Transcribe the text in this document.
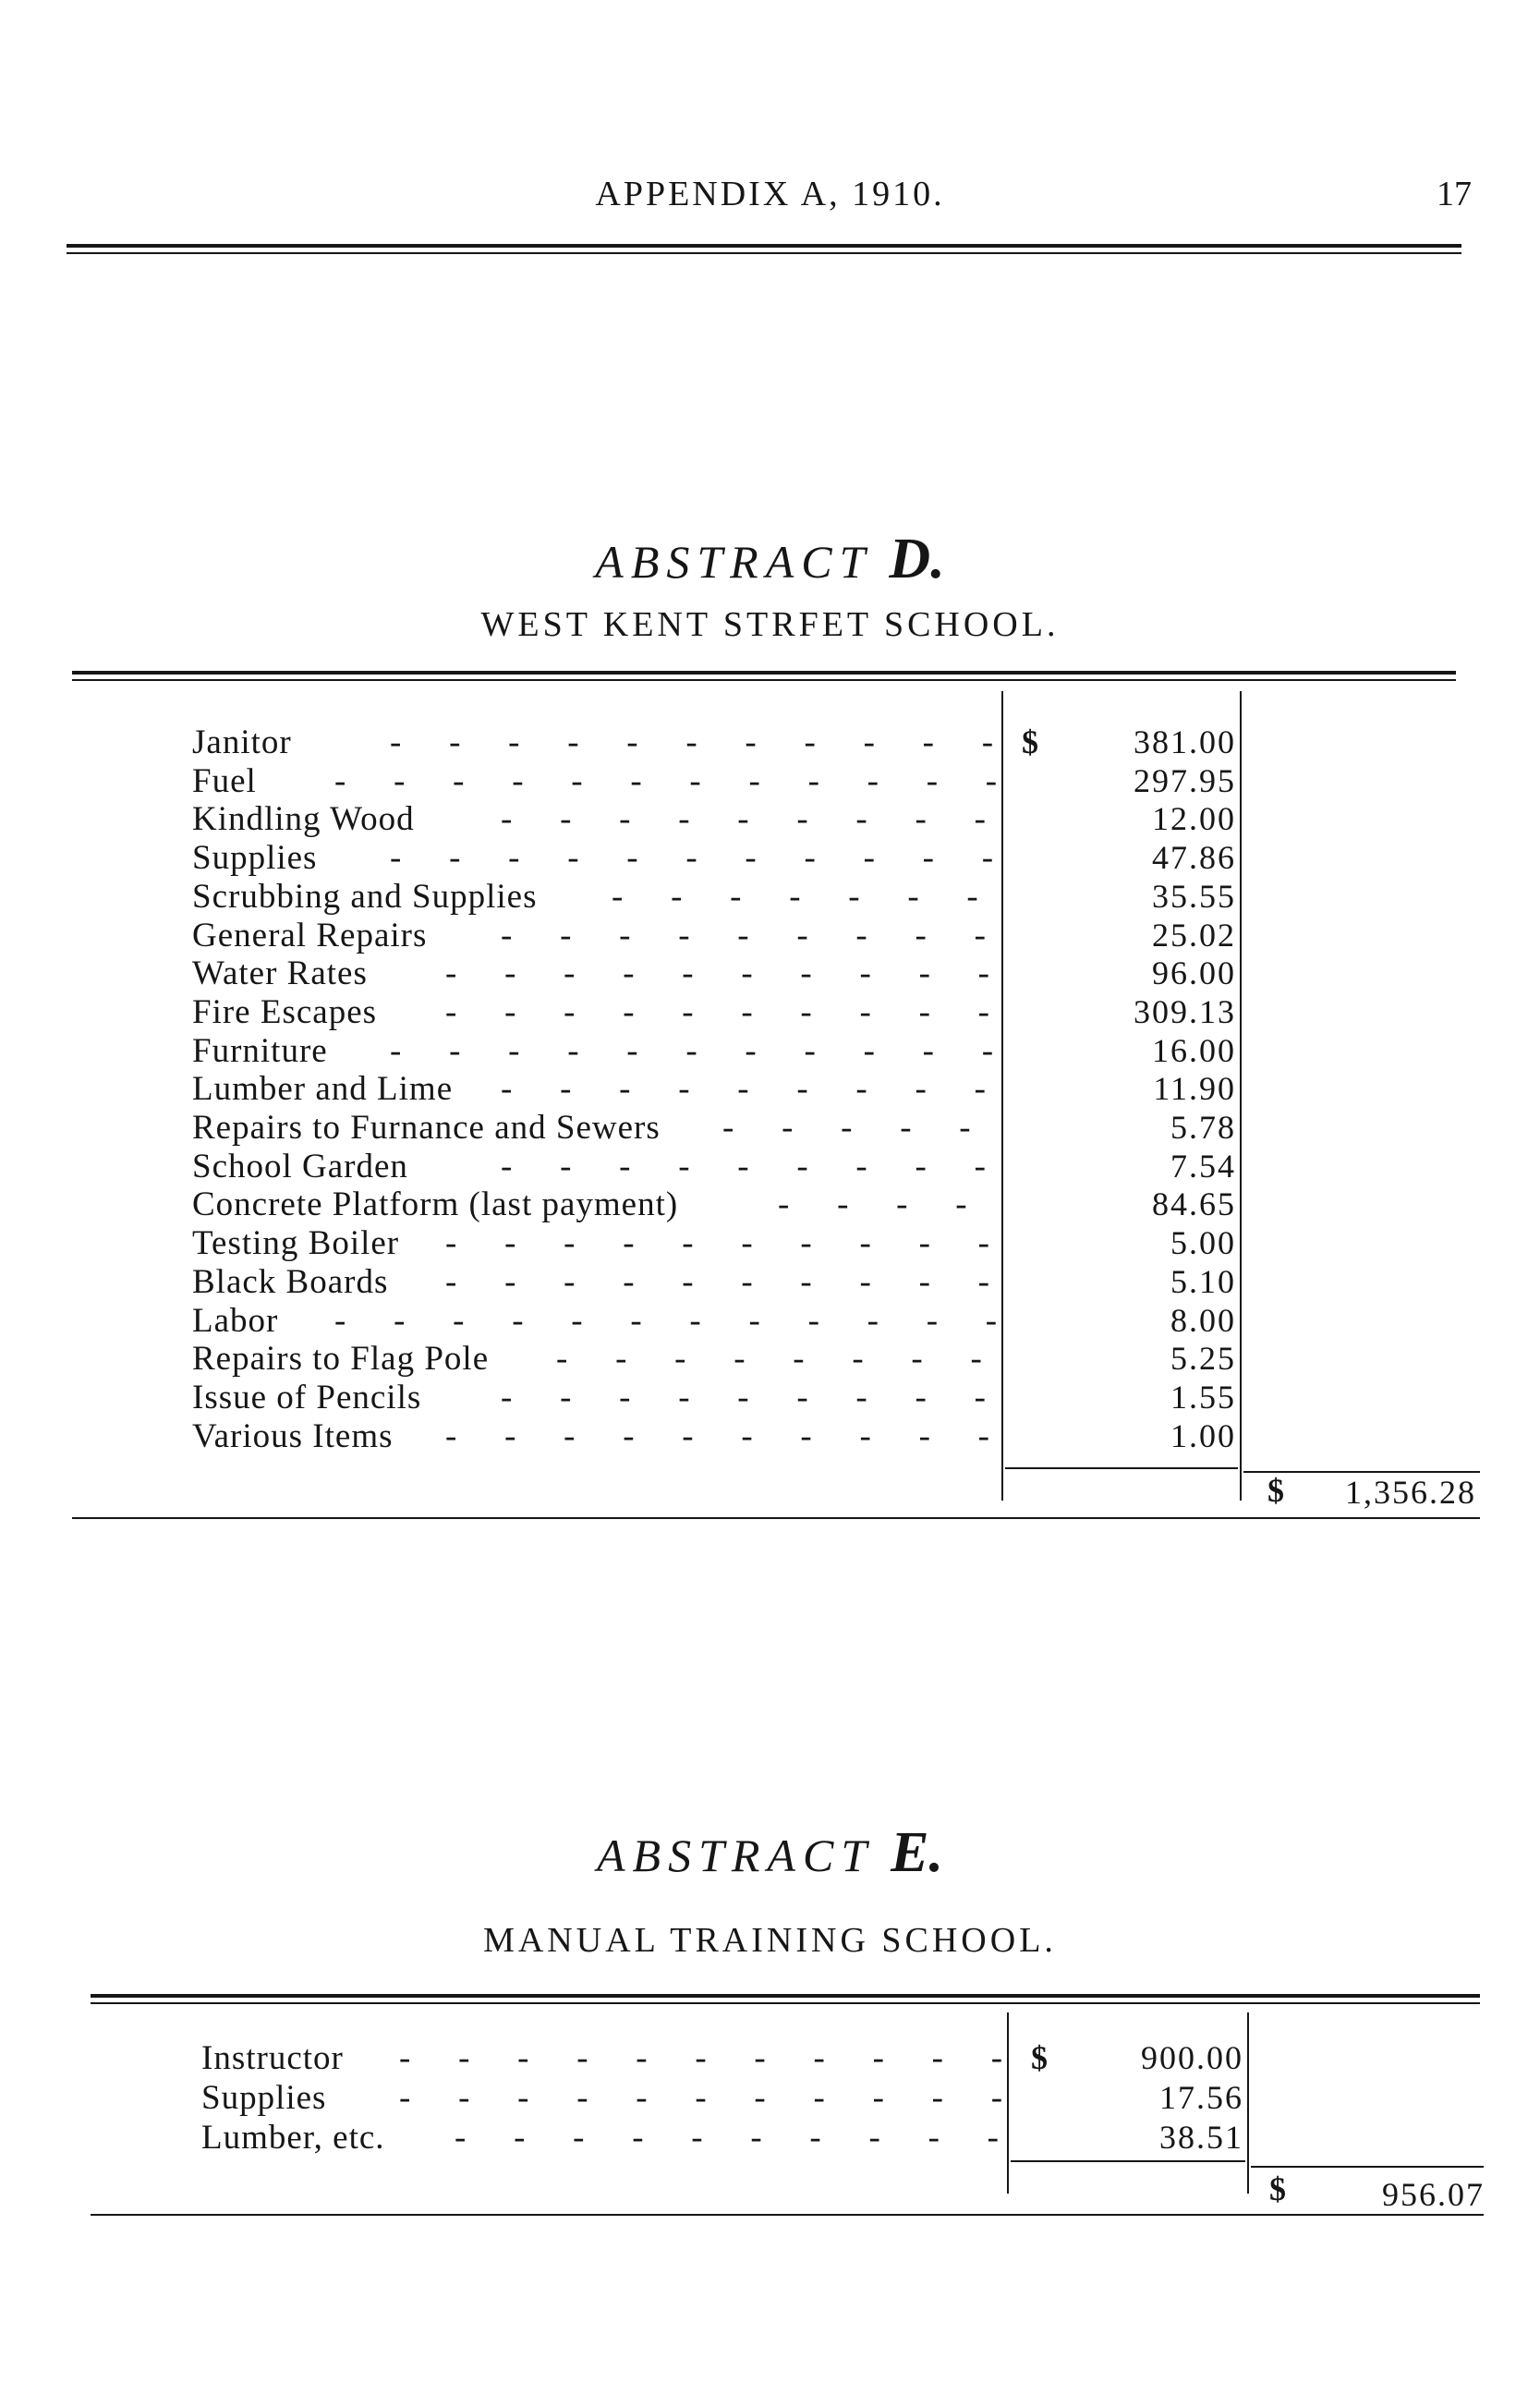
APPENDIX A, 1910.	17
ABSTRACT D.
WEST KENT STRFET SCHOOL.
$
Janitor	-   -   -   -   -   -   -   -   -   -   -	381.00
Fuel -   -   -   -   -   -   -   -   -   -   -   -	297.95
Kindling Wood	-   -   -   -   -   -   -   -   -	12.00
Supplies -   -   -   -   -   -   -   -   -   -   -	47.86
Scrubbing and Supplies -   -   -   -   -   -   -	35.55
General Repairs -   -   -   -   -   -   -   -   -	25.02
Water Rates -   -   -   -   -   -   -   -   -   -	96.00
Fire Escapes -   -   -   -   -   -   -   -   -   -	309.13
Furniture -   -   -   -   -   -   -   -   -   -   -	16.00
Lumber and Lime -   -   -   -   -   -   -   -   -	11.90
Repairs to Furnance and Sewers -   -   -   -   -	5.78
School Garden	-   -   -   -   -   -   -   -   -	7.54
Concrete Platform (last payment)	-   -   -   -	84.65
Testing Boiler -   -   -   -   -   -   -   -   -   -	5.00
Black Boards -   -   -   -   -   -   -   -   -   -	5.10
Labor -   -   -   -   -   -   -   -   -   -   -   -	8.00
Repairs to Flag Pole -   -   -   -   -   -   -   -	5.25
Issue of Pencils -   -   -   -   -   -   -   -   -	1.55
Various Items -   -   -   -   -   -   -   -   -   -	1.00
$ 1,356.28
ABSTRACT E.
MANUAL TRAINING SCHOOL.
$
Instructor -   -   -   -   -   -   -   -   -   -   -	900.00
Supplies -   -   -   -   -   -   -   -   -   -   -	17.56
Lumber, etc. -   -   -   -   -   -   -   -   -   -	38.51
$	956.07
